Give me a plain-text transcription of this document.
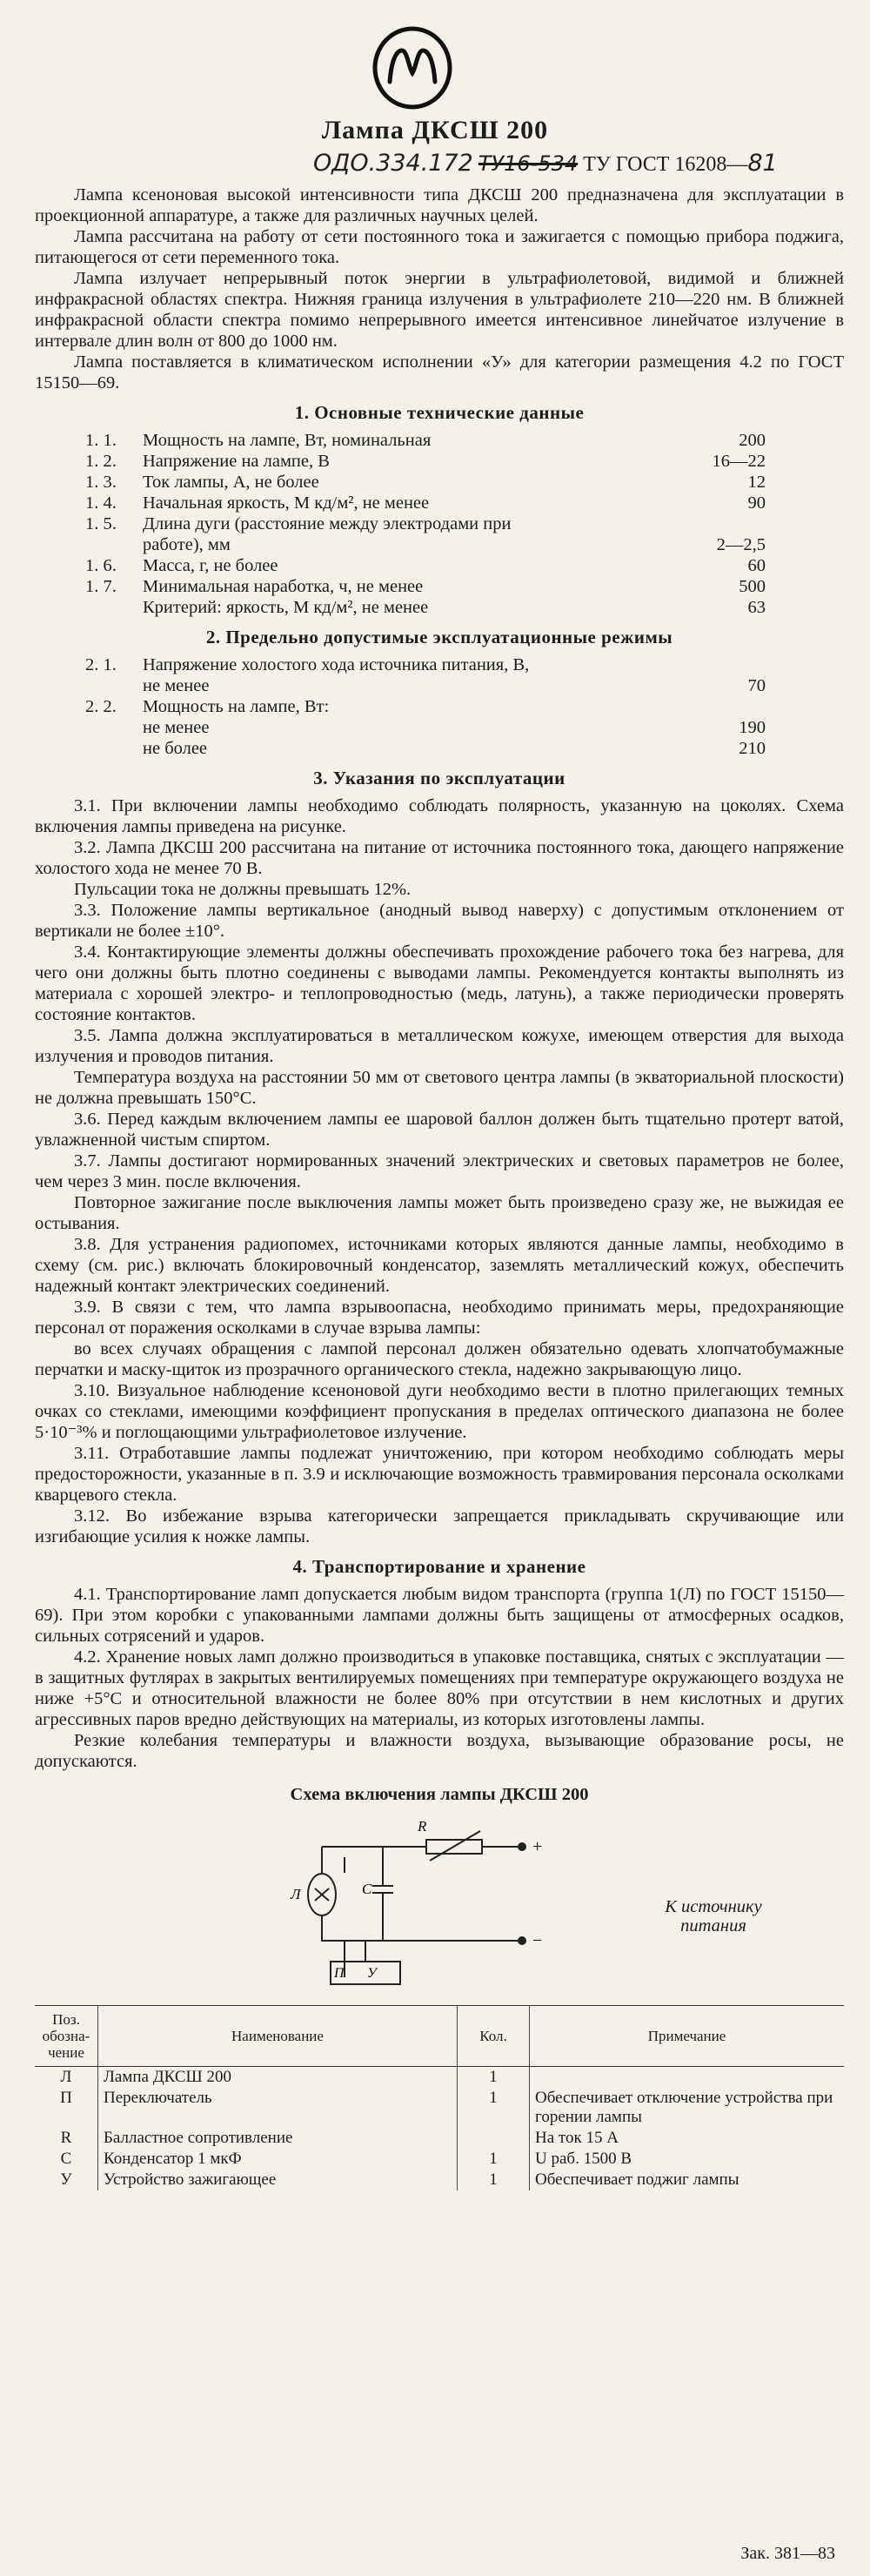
Лампа ДКСШ 200
ОДО.334.172 ТУ16-534 ТУ ГОСТ 16208—81

Лампа ксеноновая высокой интенсивности типа ДКСШ 200 предназначена для эксплуатации в проекционной аппаратуре, а также для различных научных целей.

Лампа рассчитана на работу от сети постоянного тока и зажигается с помощью прибора поджига, питающегося от сети переменного тока.

Лампа излучает непрерывный поток энергии в ультрафиолетовой, видимой и ближней инфракрасной областях спектра. Нижняя граница излучения в ультрафиолете 210—220 нм. В ближней инфракрасной области спектра помимо непрерывного имеется интенсивное линейчатое излучение в интервале длин волн от 800 до 1000 нм.

Лампа поставляется в климатическом исполнении «У» для категории размещения 4.2 по ГОСТ 15150—69.

1. Основные технические данные
1. 1.	Мощность на лампе, Вт, номинальная	200
1. 2.	Напряжение на лампе, В	16—22
1. 3.	Ток лампы, А, не более	12
1. 4.	Начальная яркость, М кд/м², не менее	90
1. 5.	Длина дуги (расстояние между электродами при	
	работе), мм	2—2,5
1. 6.	Масса, г, не более	60
1. 7.	Минимальная наработка, ч, не менее	500
	Критерий: яркость, М кд/м², не менее	63
2. Предельно допустимые эксплуатационные режимы
2. 1.	Напряжение холостого хода источника питания, В,	
	не менее	70
2. 2.	Мощность на лампе, Вт:	
	не менее	190
	не более	210
3. Указания по эксплуатации

3.1. При включении лампы необходимо соблюдать полярность, указанную на цоколях. Схема включения лампы приведена на рисунке.

3.2. Лампа ДКСШ 200 рассчитана на питание от источника постоянного тока, дающего напряжение холостого хода не менее 70 В.

Пульсации тока не должны превышать 12%.

3.3. Положение лампы вертикальное (анодный вывод наверху) с допустимым отклонением от вертикали не более ±10°.

3.4. Контактирующие элементы должны обеспечивать прохождение рабочего тока без нагрева, для чего они должны быть плотно соединены с выводами лампы. Рекомендуется контакты выполнять из материала с хорошей электро- и теплопроводностью (медь, латунь), а также периодически проверять состояние контактов.

3.5. Лампа должна эксплуатироваться в металлическом кожухе, имеющем отверстия для выхода излучения и проводов питания.

Температура воздуха на расстоянии 50 мм от светового центра лампы (в экваториальной плоскости) не должна превышать 150°С.

3.6. Перед каждым включением лампы ее шаровой баллон должен быть тщательно протерт ватой, увлажненной чистым спиртом.

3.7. Лампы достигают нормированных значений электрических и световых параметров не более, чем через 3 мин. после включения.

Повторное зажигание после выключения лампы может быть произведено сразу же, не выжидая ее остывания.

3.8. Для устранения радиопомех, источниками которых являются данные лампы, необходимо в схему (см. рис.) включать блокировочный конденсатор, заземлять металлический кожух, обеспечить надежный контакт электрических соединений.

3.9. В связи с тем, что лампа взрывоопасна, необходимо принимать меры, предохраняющие персонал от поражения осколками в случае взрыва лампы:

во всех случаях обращения с лампой персонал должен обязательно одевать хлопчатобумажные перчатки и маску-щиток из прозрачного органического стекла, надежно закрывающую лицо.

3.10. Визуальное наблюдение ксеноновой дуги необходимо вести в плотно прилегающих темных очках со стеклами, имеющими коэффициент пропускания в пределах оптического диапазона не более 5·10⁻³% и поглощающими ультрафиолетовое излучение.

3.11. Отработавшие лампы подлежат уничтожению, при котором необходимо соблюдать меры предосторожности, указанные в п. 3.9 и исключающие возможность травмирования персонала осколками кварцевого стекла.

3.12. Во избежание взрыва категорически запрещается прикладывать скручивающие или изгибающие усилия к ножке лампы.

4. Транспортирование и хранение

4.1. Транспортирование ламп допускается любым видом транспорта (группа 1(Л) по ГОСТ 15150—69). При этом коробки с упакованными лампами должны быть защищены от атмосферных осадков, сильных сотрясений и ударов.

4.2. Хранение новых ламп должно производиться в упаковке поставщика, снятых с эксплуатации — в защитных футлярах в закрытых вентилируемых помещениях при температуре окружающего воздуха не ниже +5°С и относительной влажности не более 80% при отсутствии в нем кислотных и других агрессивных паров вредно действующих на материалы, из которых изготовлены лампы.

Резкие колебания температуры и влажности воздуха, вызывающие образование росы, не допускаются.

Схема включения лампы ДКСШ 200
R
C
Л
П У
+
−
К источнику питания
Поз. обозна-чение	Наименование	Кол.	Примечание
Л	Лампа ДКСШ 200	1	
П	Переключатель	1	Обеспечивает отключение устройства при горении лампы
R	Балластное сопротивление		На ток 15 А
С	Конденсатор 1 мкФ	1	U раб. 1500 В
У	Устройство зажигающее	1	Обеспечивает поджиг лампы
Зак. 381—83
